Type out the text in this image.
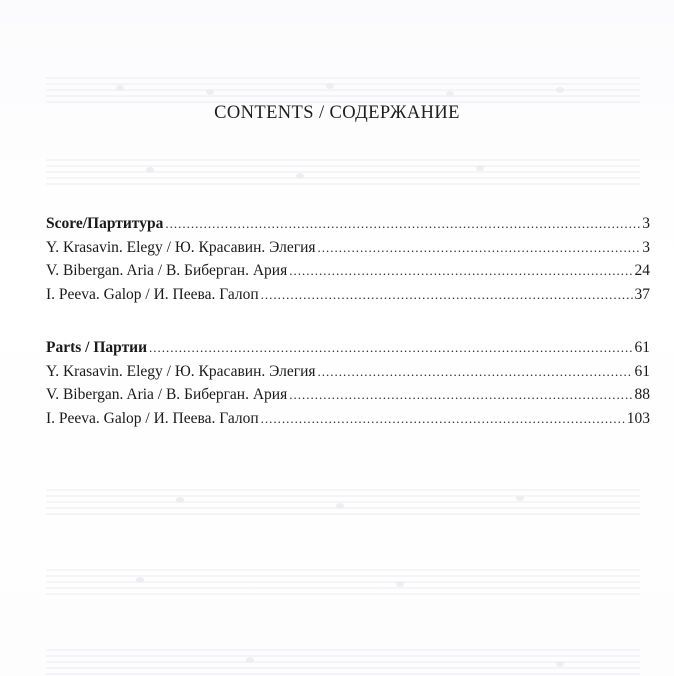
CONTENTS / СОДЕРЖАНИЕ
Score/Партитура .....	3
Y. Krasavin. Elegy / Ю. Красавин. Элегия .....	3
V. Bibergan. Aria / В. Биберган. Ария .....	24
I. Peeva. Galop / И. Пеева. Галоп .....	37
Parts / Партии .....	61
Y. Krasavin. Elegy / Ю. Красавин. Элегия .....	61
V. Bibergan. Aria / В. Биберган. Ария .....	88
I. Peeva. Galop / И. Пеева. Галоп .....	103
